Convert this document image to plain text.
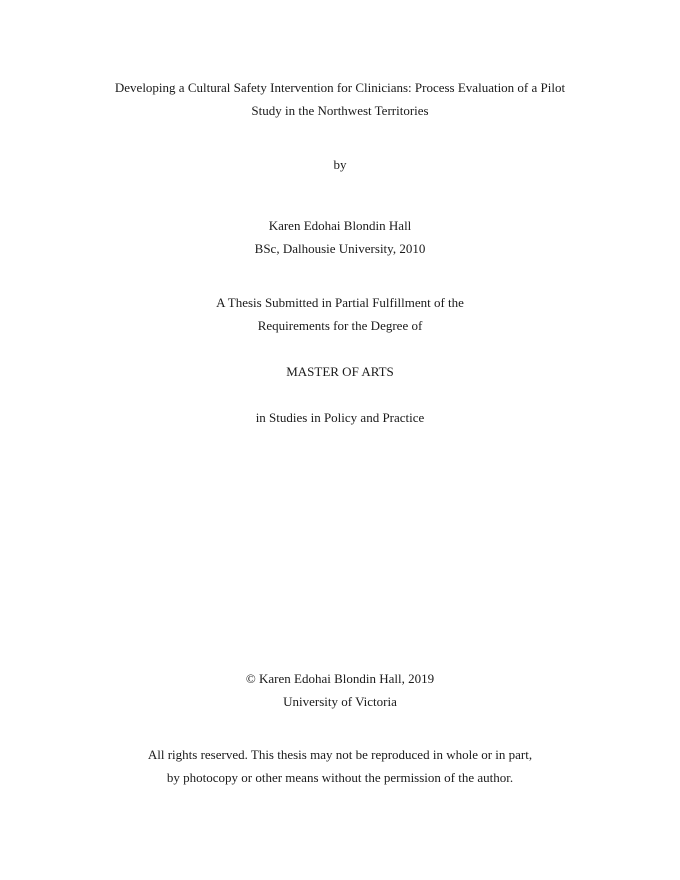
Developing a Cultural Safety Intervention for Clinicians: Process Evaluation of a Pilot
Study in the Northwest Territories
by
Karen Edohai Blondin Hall
BSc, Dalhousie University, 2010
A Thesis Submitted in Partial Fulfillment of the
Requirements for the Degree of
MASTER OF ARTS
in Studies in Policy and Practice
© Karen Edohai Blondin Hall, 2019
University of Victoria
All rights reserved. This thesis may not be reproduced in whole or in part,
by photocopy or other means without the permission of the author.
